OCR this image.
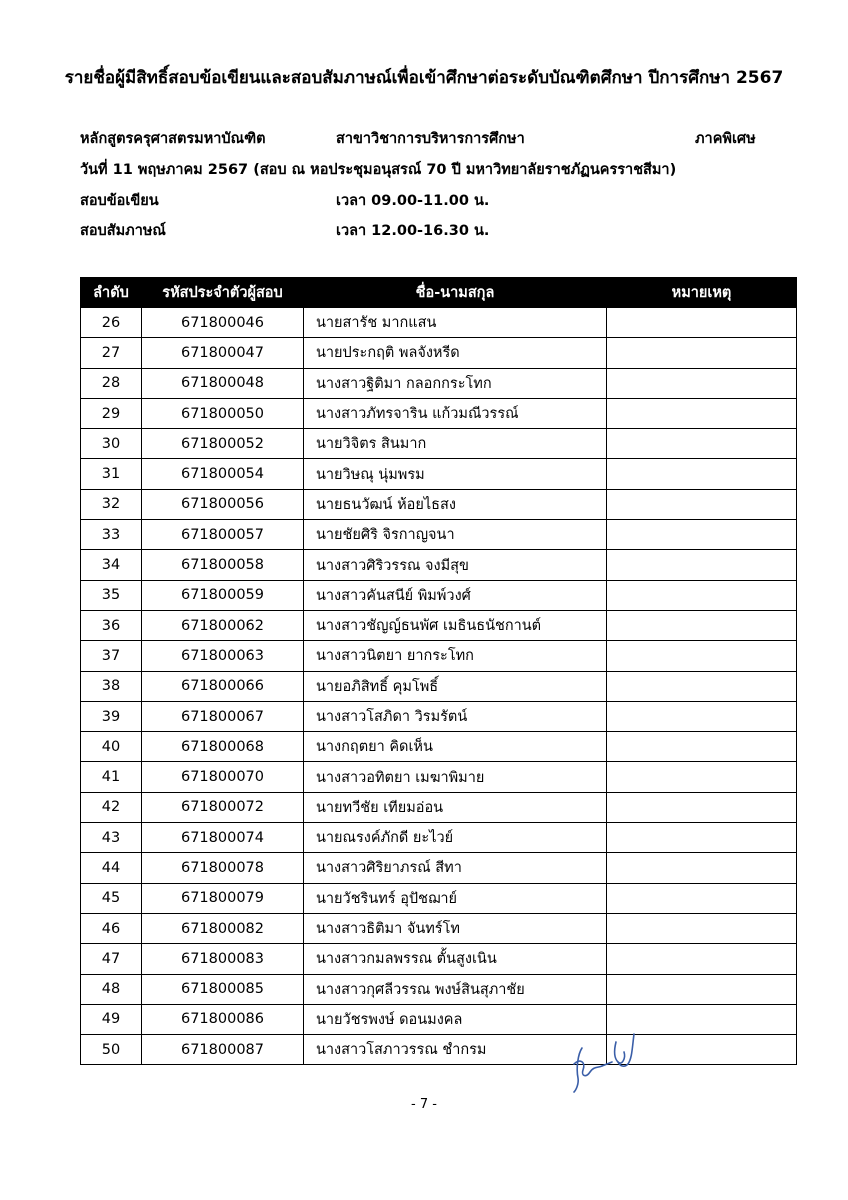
รายชื่อผู้มีสิทธิ์สอบข้อเขียนและสอบสัมภาษณ์เพื่อเข้าศึกษาต่อระดับบัณฑิตศึกษา ปีการศึกษา 2567
หลักสูตรครุศาสตรมหาบัณฑิต	สาขาวิชาการบริหารการศึกษา	ภาคพิเศษ
วันที่ 11 พฤษภาคม 2567 (สอบ ณ หอประชุมอนุสรณ์ 70 ปี มหาวิทยาลัยราชภัฏนครราชสีมา)
สอบข้อเขียน	เวลา 09.00-11.00 น.
สอบสัมภาษณ์	เวลา 12.00-16.30 น.
ลำดับ	รหัสประจำตัวผู้สอบ	ชื่อ-นามสกุล	หมายเหตุ
26	671800046	นายสารัช มากแสน	
27	671800047	นายประกฤติ พลจังหรีด	
28	671800048	นางสาวฐิติมา กลอกกระโทก	
29	671800050	นางสาวภัทรจาริน แก้วมณีวรรณ์	
30	671800052	นายวิจิตร สินมาก	
31	671800054	นายวิษณุ นุ่มพรม	
32	671800056	นายธนวัฒน์ ห้อยไธสง	
33	671800057	นายชัยศิริ จิรกาญจนา	
34	671800058	นางสาวศิริวรรณ จงมีสุข	
35	671800059	นางสาวคันสนีย์ พิมพ์วงศ์	
36	671800062	นางสาวชัญญ์ธนพัศ เมธินธนัชกานต์	
37	671800063	นางสาวนิตยา ยากระโทก	
38	671800066	นายอภิสิทธิ์ คุมโพธิ์	
39	671800067	นางสาวโสภิดา วิรมรัตน์	
40	671800068	นางกฤตยา คิดเห็น	
41	671800070	นางสาวอทิตยา เมฆาพิมาย	
42	671800072	นายทวีชัย เทียมอ่อน	
43	671800074	นายณรงค์ภักดี ยะไวย์	
44	671800078	นางสาวศิริยาภรณ์ สีทา	
45	671800079	นายวัชรินทร์ อุปัชฌาย์	
46	671800082	นางสาวธิติมา จันทร์โท	
47	671800083	นางสาวกมลพรรณ ตั้นสูงเนิน	
48	671800085	นางสาวกุศลีวรรณ พงษ์สินสุภาชัย	
49	671800086	นายวัชรพงษ์ ดอนมงคล	
50	671800087	นางสาวโสภาวรรณ ชำกรม	
- 7 -
